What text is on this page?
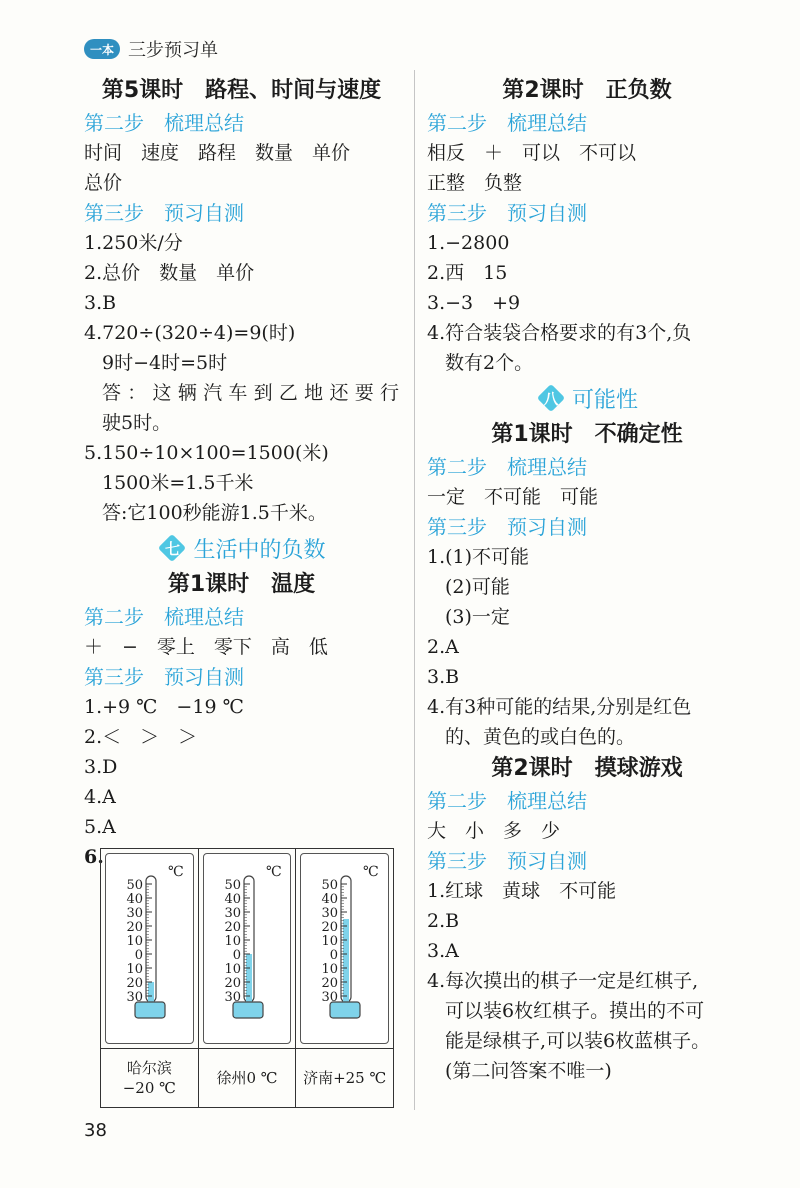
一本 三步预习单
第5课时　路程、时间与速度
第二步　梳理总结
时间　速度　路程　数量　单价
总价
第三步　预习自测
1.250米/分
2.总价　数量　单价
3.B
4.720÷(320÷4)=9(时)
9时−4时=5时
答：这辆汽车到乙地还要行
驶5时。
5.150÷10×100=1500(米)
1500米=1.5千米
答:它100秒能游1.5千米。
七 生活中的负数
第1课时　温度
第二步　梳理总结
＋　−　零上　零下　高　低
第三步　预习自测
1.+9 ℃　−19 ℃
2.＜　＞　＞
3.D
4.A
5.A
6.
℃
50
40
30
20
10
0
10
20
30
℃
50
40
30
20
10
0
10
20
30
℃
50
40
30
20
10
0
10
20
30
哈尔滨
−20 ℃
徐州0 ℃ 济南+25 ℃
第2课时　正负数
第二步　梳理总结
相反　＋　可以　不可以
正整　负整
第三步　预习自测
1.−2800
2.西　15
3.−3　+9
4.符合装袋合格要求的有3个,负
数有2个。
八 可能性
第1课时　不确定性
第二步　梳理总结
一定　不可能　可能
第三步　预习自测
1.(1)不可能
(2)可能
(3)一定
2.A
3.B
4.有3种可能的结果,分别是红色
的、黄色的或白色的。
第2课时　摸球游戏
第二步　梳理总结
大　小　多　少
第三步　预习自测
1.红球　黄球　不可能
2.B
3.A
4.每次摸出的棋子一定是红棋子,
可以装6枚红棋子。摸出的不可
能是绿棋子,可以装6枚蓝棋子。
(第二问答案不唯一)
38
